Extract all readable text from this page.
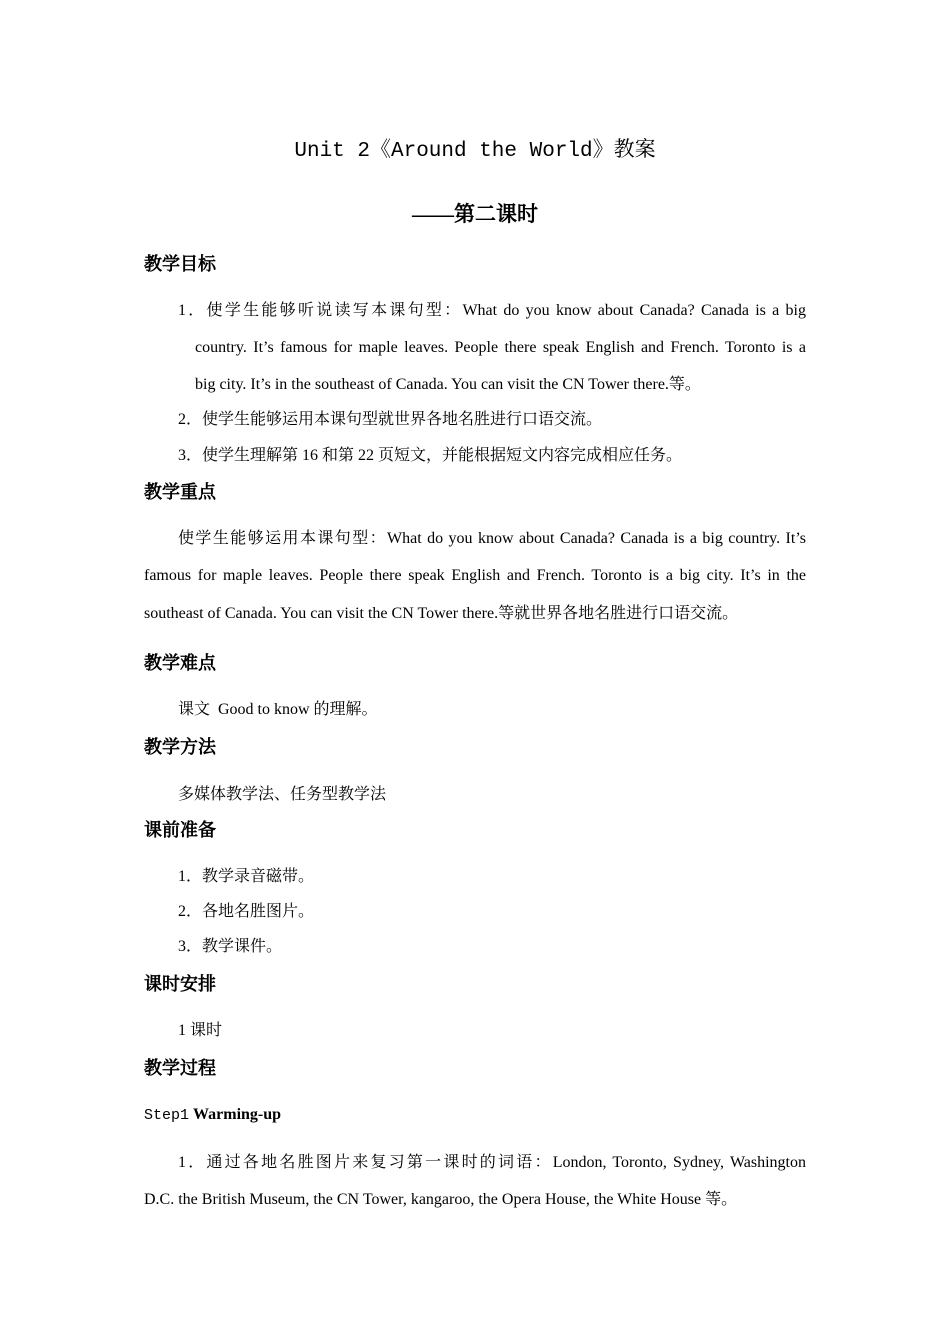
Unit 2《Around the World》教案
——第二课时
教学目标
1．使学生能够听说读写本课句型：What do you know about Canada? Canada is a big
country. It’s famous for maple leaves. People there speak English and French. Toronto is a
big city. It’s in the southeast of Canada. You can visit the CN Tower there.等。
2．使学生能够运用本课句型就世界各地名胜进行口语交流。
3．使学生理解第 16 和第 22 页短文，并能根据短文内容完成相应任务。
教学重点
使学生能够运用本课句型：What do you know about Canada? Canada is a big country. It’s
famous for maple leaves. People there speak English and French. Toronto is a big city. It’s in the
southeast of Canada. You can visit the CN Tower there.等就世界各地名胜进行口语交流。
教学难点
课文  Good to know 的理解。
教学方法
多媒体教学法、任务型教学法
课前准备
1．教学录音磁带。
2．各地名胜图片。
3．教学课件。
课时安排
1 课时
教学过程
Step1 Warming-up
1．通过各地名胜图片来复习第一课时的词语：London, Toronto, Sydney, Washington
D.C. the British Museum, the CN Tower, kangaroo, the Opera House, the White House 等。
